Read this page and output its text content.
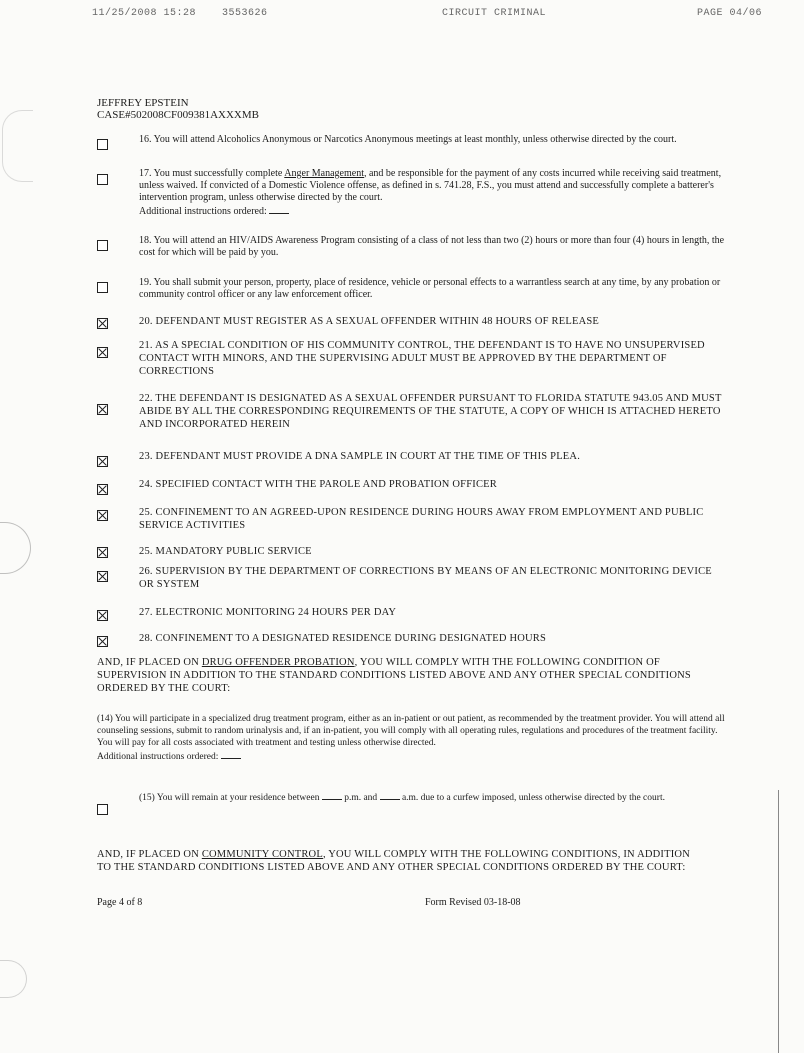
11/25/2008 15:28	3553626	CIRCUIT CRIMINAL	PAGE 04/06
JEFFREY EPSTEIN
CASE#502008CF009381AXXXMB
16. You will attend Alcoholics Anonymous or Narcotics Anonymous meetings at least monthly, unless otherwise directed by the court.
17. You must successfully complete Anger Management, and be responsible for the payment of any costs incurred while receiving said treatment, unless waived. If convicted of a Domestic Violence offense, as defined in s. 741.28, F.S., you must attend and successfully complete a batterer's intervention program, unless otherwise directed by the court.
Additional instructions ordered:
18. You will attend an HIV/AIDS Awareness Program consisting of a class of not less than two (2) hours or more than four (4) hours in length, the cost for which will be paid by you.
19. You shall submit your person, property, place of residence, vehicle or personal effects to a warrantless search at any time, by any probation or community control officer or any law enforcement officer.
20. DEFENDANT MUST REGISTER AS A SEXUAL OFFENDER WITHIN 48 HOURS OF RELEASE
21. AS A SPECIAL CONDITION OF HIS COMMUNITY CONTROL, THE DEFENDANT IS TO HAVE NO UNSUPERVISED CONTACT WITH MINORS, AND THE SUPERVISING ADULT MUST BE APPROVED BY THE DEPARTMENT OF CORRECTIONS
22. THE DEFENDANT IS DESIGNATED AS A SEXUAL OFFENDER PURSUANT TO FLORIDA STATUTE 943.05 AND MUST ABIDE BY ALL THE CORRESPONDING REQUIREMENTS OF THE STATUTE, A COPY OF WHICH IS ATTACHED HERETO AND INCORPORATED HEREIN
23. DEFENDANT MUST PROVIDE A DNA SAMPLE IN COURT AT THE TIME OF THIS PLEA.
24. SPECIFIED CONTACT WITH THE PAROLE AND PROBATION OFFICER
25. CONFINEMENT TO AN AGREED-UPON RESIDENCE DURING HOURS AWAY FROM EMPLOYMENT AND PUBLIC SERVICE ACTIVITIES
25. MANDATORY PUBLIC SERVICE
26. SUPERVISION BY THE DEPARTMENT OF CORRECTIONS BY MEANS OF AN ELECTRONIC MONITORING DEVICE OR SYSTEM
27. ELECTRONIC MONITORING 24 HOURS PER DAY
28. CONFINEMENT TO A DESIGNATED RESIDENCE DURING DESIGNATED HOURS
AND, IF PLACED ON DRUG OFFENDER PROBATION, YOU WILL COMPLY WITH THE FOLLOWING CONDITION OF SUPERVISION IN ADDITION TO THE STANDARD CONDITIONS LISTED ABOVE AND ANY OTHER SPECIAL CONDITIONS ORDERED BY THE COURT:
(14) You will participate in a specialized drug treatment program, either as an in-patient or out patient, as recommended by the treatment provider. You will attend all counseling sessions, submit to random urinalysis and, if an in-patient, you will comply with all operating rules, regulations and procedures of the treatment facility. You will pay for all costs associated with treatment and testing unless otherwise directed.
Additional instructions ordered:
(15) You will remain at your residence between	p.m. and	a.m. due to a curfew imposed, unless otherwise directed by the court.
AND, IF PLACED ON COMMUNITY CONTROL, YOU WILL COMPLY WITH THE FOLLOWING CONDITIONS, IN ADDITION TO THE STANDARD CONDITIONS LISTED ABOVE AND ANY OTHER SPECIAL CONDITIONS ORDERED BY THE COURT:
Page 4 of 8	Form Revised 03-18-08
